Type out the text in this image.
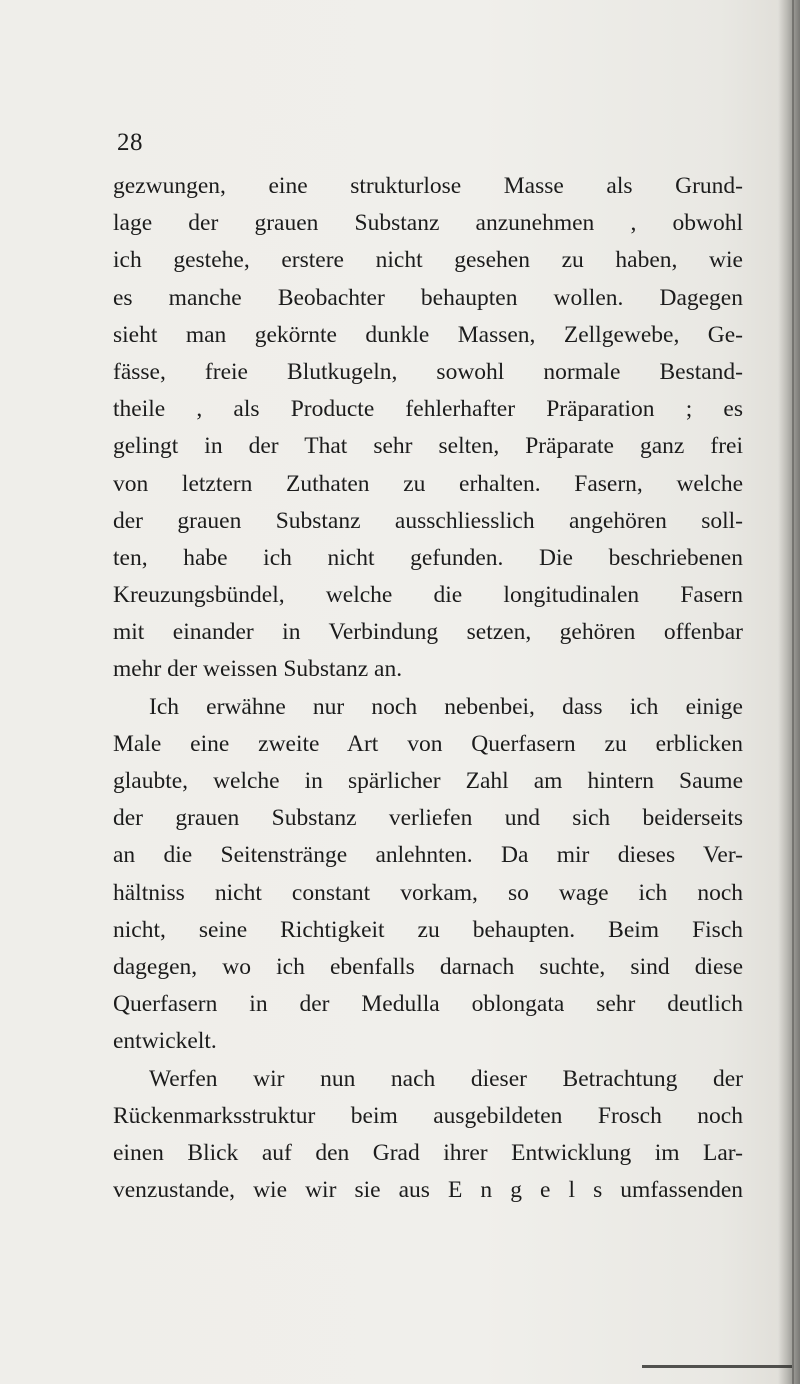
28
gezwungen, eine strukturlose Masse als Grund-
lage der grauen Substanz anzunehmen , obwohl
ich gestehe, erstere nicht gesehen zu haben, wie
es manche Beobachter behaupten wollen. Dagegen
sieht man gekörnte dunkle Massen, Zellgewebe, Ge-
fässe, freie Blutkugeln, sowohl normale Bestand-
theile , als Producte fehlerhafter Präparation ; es
gelingt in der That sehr selten, Präparate ganz frei
von letztern Zuthaten zu erhalten. Fasern, welche
der grauen Substanz ausschliesslich angehören soll-
ten, habe ich nicht gefunden. Die beschriebenen
Kreuzungsbündel, welche die longitudinalen Fasern
mit einander in Verbindung setzen, gehören offenbar
mehr der weissen Substanz an.
Ich erwähne nur noch nebenbei, dass ich einige
Male eine zweite Art von Querfasern zu erblicken
glaubte, welche in spärlicher Zahl am hintern Saume
der grauen Substanz verliefen und sich beiderseits
an die Seitenstränge anlehnten. Da mir dieses Ver-
hältniss nicht constant vorkam, so wage ich noch
nicht, seine Richtigkeit zu behaupten. Beim Fisch
dagegen, wo ich ebenfalls darnach suchte, sind diese
Querfasern in der Medulla oblongata sehr deutlich
entwickelt.
Werfen wir nun nach dieser Betrachtung der
Rückenmarksstruktur beim ausgebildeten Frosch noch
einen Blick auf den Grad ihrer Entwicklung im Lar-
venzustande, wie wir sie aus E n g e l s umfassenden
